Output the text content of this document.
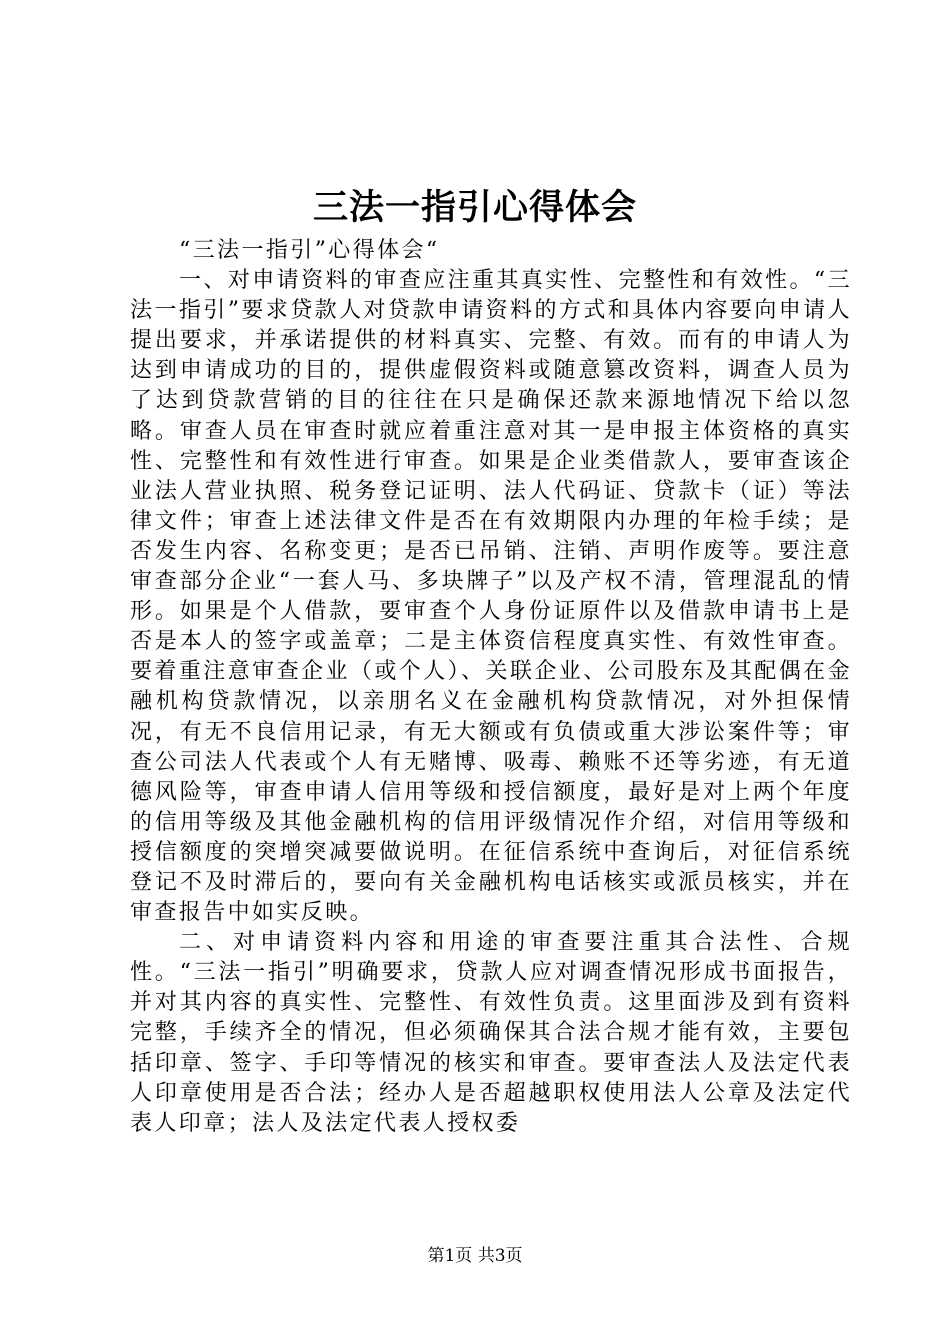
三法一指引心得体会

“三法一指引”心得体会“

一、对申请资料的审查应注重其真实性、完整性和有效性。“三法一指引”要求贷款人对贷款申请资料的方式和具体内容要向申请人提出要求，并承诺提供的材料真实、完整、有效。而有的申请人为达到申请成功的目的，提供虚假资料或随意篡改资料，调查人员为了达到贷款营销的目的往往在只是确保还款来源地情况下给以忽略。审查人员在审查时就应着重注意对其一是申报主体资格的真实性、完整性和有效性进行审查。如果是企业类借款人，要审查该企业法人营业执照、税务登记证明、法人代码证、贷款卡（证）等法律文件；审查上述法律文件是否在有效期限内办理的年检手续；是否发生内容、名称变更；是否已吊销、注销、声明作废等。要注意审查部分企业“一套人马、多块牌子”以及产权不清，管理混乱的情形。如果是个人借款，要审查个人身份证原件以及借款申请书上是否是本人的签字或盖章；二是主体资信程度真实性、有效性审查。要着重注意审查企业（或个人）、关联企业、公司股东及其配偶在金融机构贷款情况，以亲朋名义在金融机构贷款情况，对外担保情况，有无不良信用记录，有无大额或有负债或重大涉讼案件等；审查公司法人代表或个人有无赌博、吸毒、赖账不还等劣迹，有无道德风险等，审查申请人信用等级和授信额度，最好是对上两个年度的信用等级及其他金融机构的信用评级情况作介绍，对信用等级和授信额度的突增突减要做说明。在征信系统中查询后，对征信系统登记不及时滞后的，要向有关金融机构电话核实或派员核实，并在审查报告中如实反映。

二、对申请资料内容和用途的审查要注重其合法性、合规性。“三法一指引”明确要求，贷款人应对调查情况形成书面报告，并对其内容的真实性、完整性、有效性负责。这里面涉及到有资料完整，手续齐全的情况，但必须确保其合法合规才能有效，主要包括印章、签字、手印等情况的核实和审查。要审查法人及法定代表人印章使用是否合法；经办人是否超越职权使用法人公章及法定代表人印章；法人及法定代表人授权委

第1页 共3页
